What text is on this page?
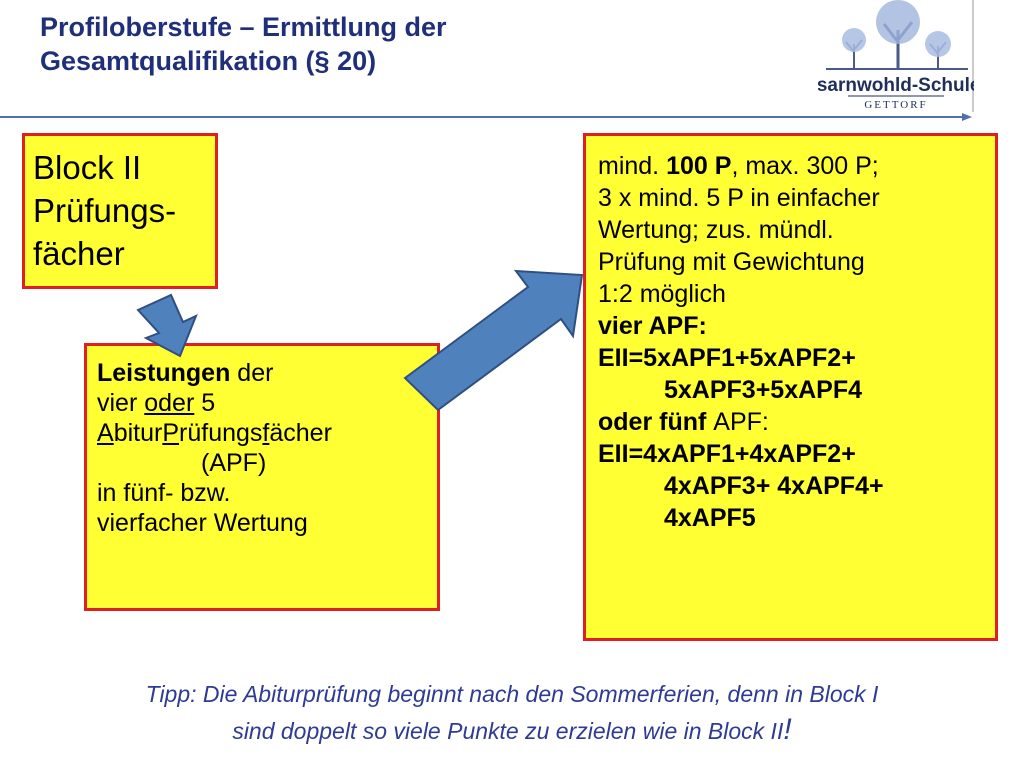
Profiloberstufe – Ermittlung der
Gesamtqualifikation (§ 20)
Isarnwohld-Schule
GETTORF
Block II
Prüfungs-
fächer
Leistungen der
vier oder 5
AbiturPrüfungsfächer
(APF)
in fünf- bzw.
vierfacher Wertung
mind. 100 P, max. 300 P;
3 x mind. 5 P in einfacher
Wertung; zus. mündl.
Prüfung mit Gewichtung
1:2 möglich
vier APF:
EII=5xAPF1+5xAPF2+
5xAPF3+5xAPF4
oder fünf APF:
EII=4xAPF1+4xAPF2+
4xAPF3+ 4xAPF4+
4xAPF5
Tipp: Die Abiturprüfung beginnt nach den Sommerferien, denn in Block I
sind doppelt so viele Punkte zu erzielen wie in Block II!
